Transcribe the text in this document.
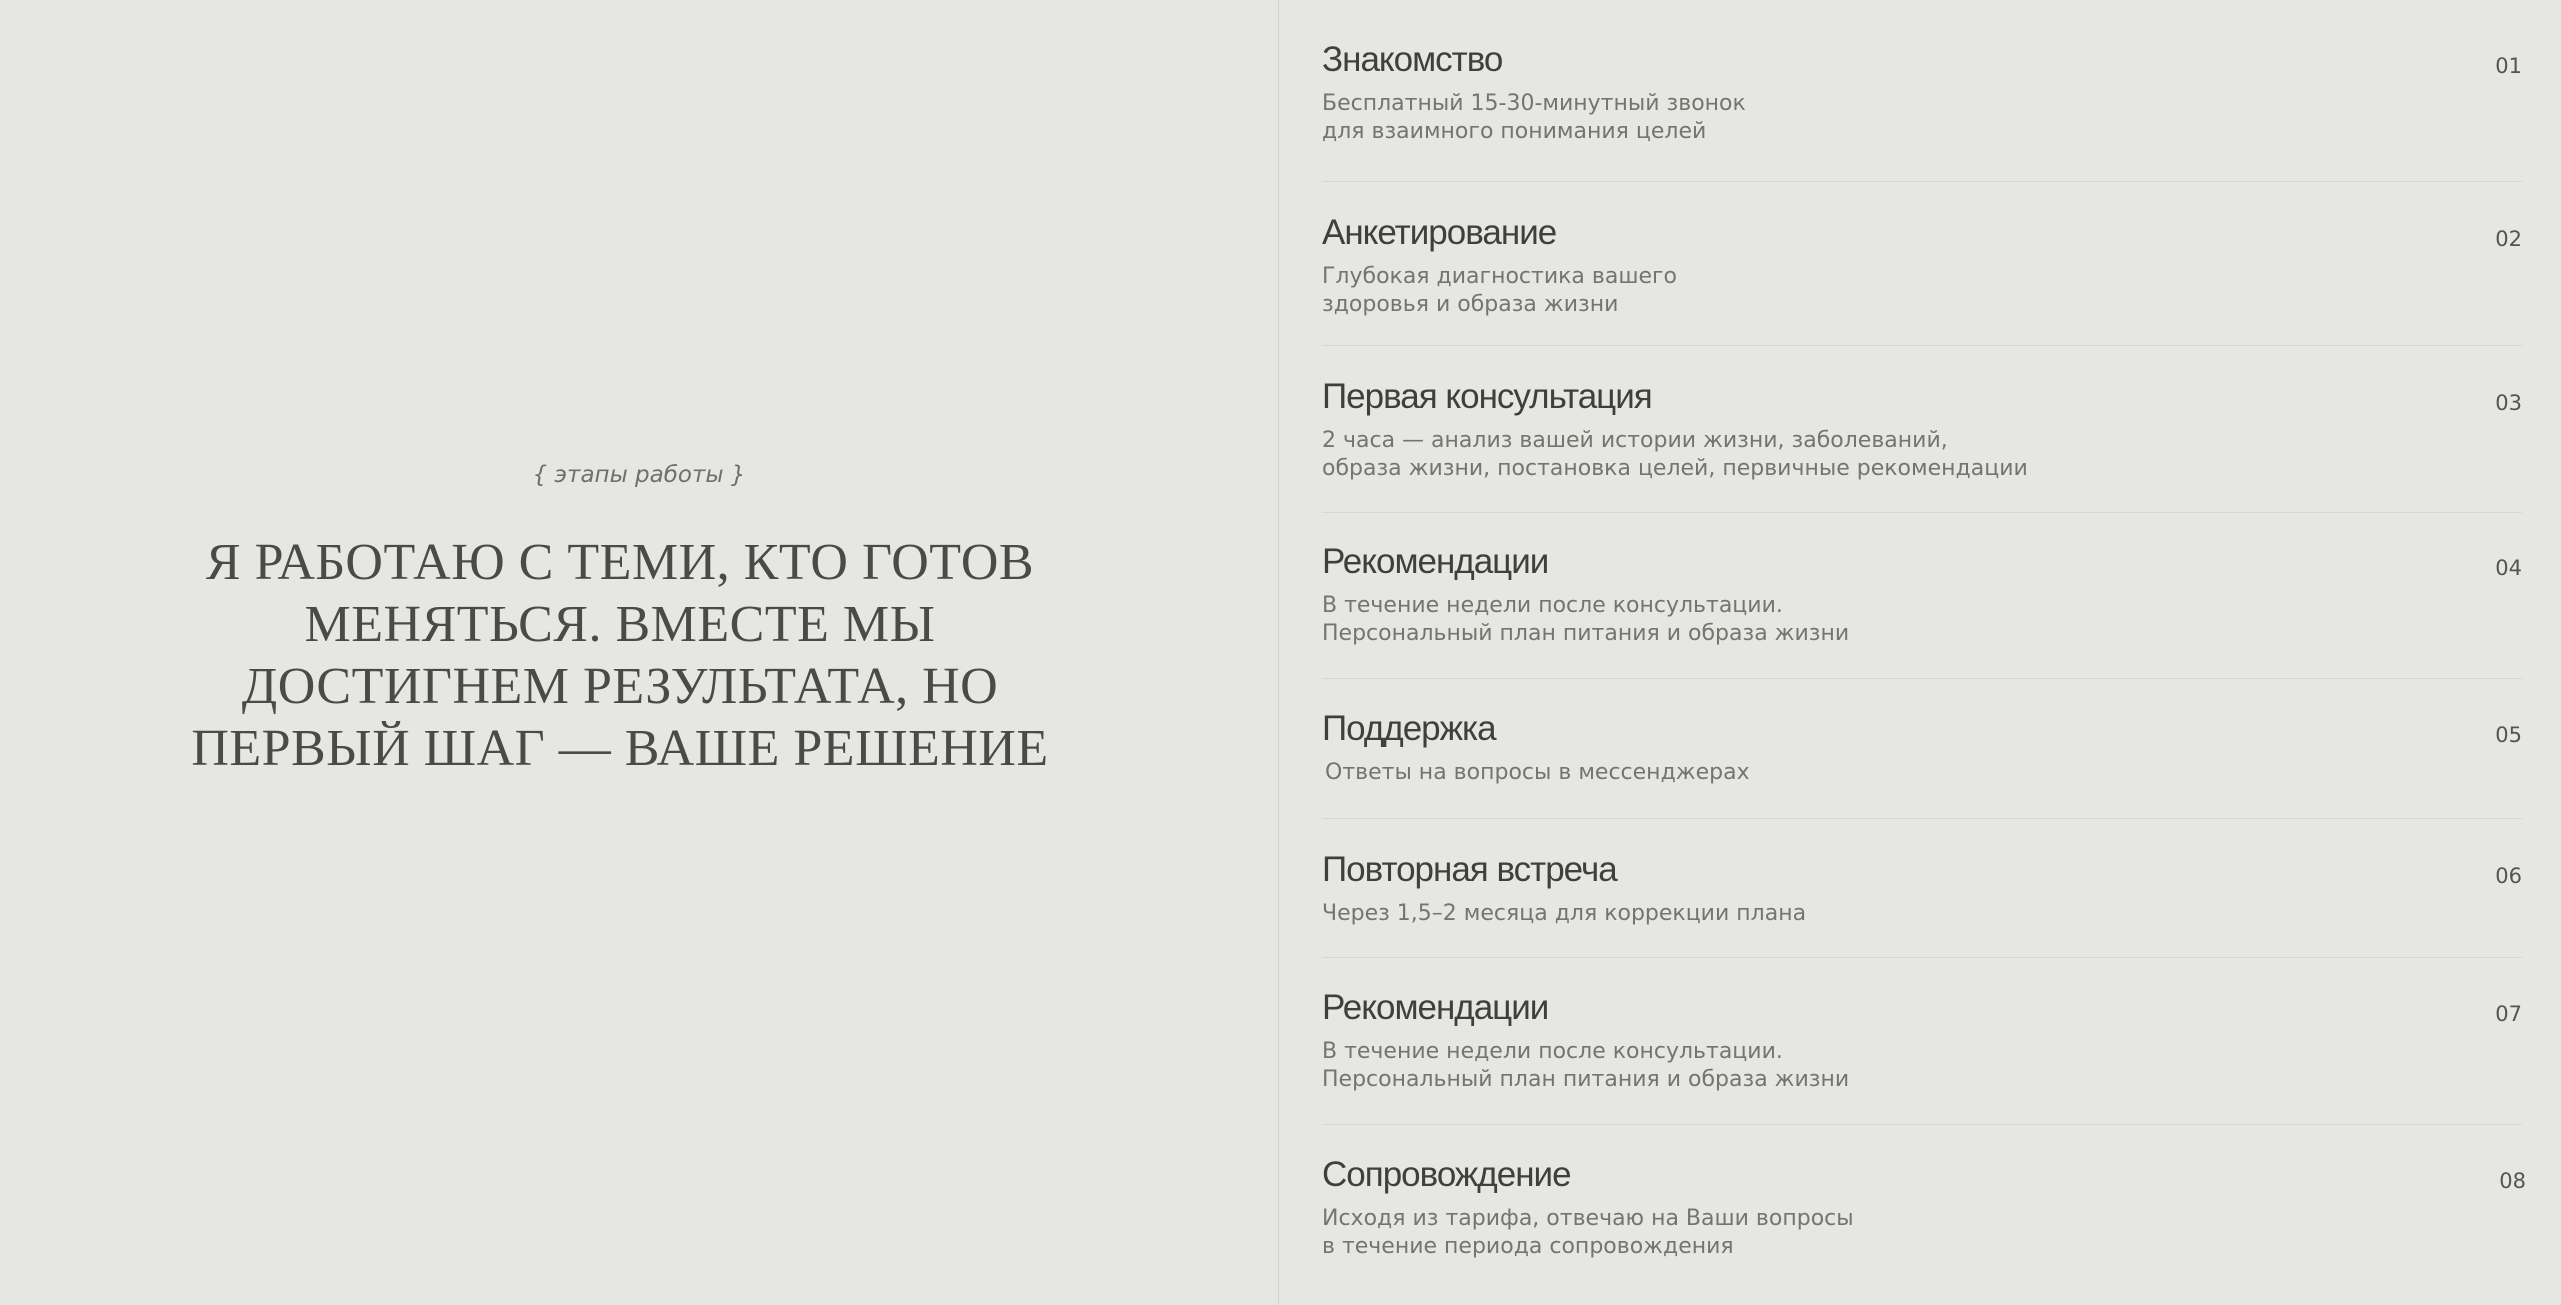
{ этапы работы }
Я РАБОТАЮ С ТЕМИ, КТО ГОТОВ МЕНЯТЬСЯ. ВМЕСТЕ МЫ ДОСТИГНЕМ РЕЗУЛЬТАТА, НО ПЕРВЫЙ ШАГ — ВАШЕ РЕШЕНИЕ
Знакомство	01
Бесплатный 15-30-минутный звонок
для взаимного понимания целей
Анкетирование	02
Глубокая диагностика вашего
здоровья и образа жизни
Первая консультация	03
2 часа — анализ вашей истории жизни, заболеваний,
образа жизни, постановка целей, первичные рекомендации
Рекомендации	04
В течение недели после консультации.
Персональный план питания и образа жизни
Поддержка	05
Ответы на вопросы в мессенджерах
Повторная встреча	06
Через 1,5–2 месяца для коррекции плана
Рекомендации	07
В течение недели после консультации.
Персональный план питания и образа жизни
Сопровождение	08
Исходя из тарифа, отвечаю на Ваши вопросы
в течение периода сопровождения
